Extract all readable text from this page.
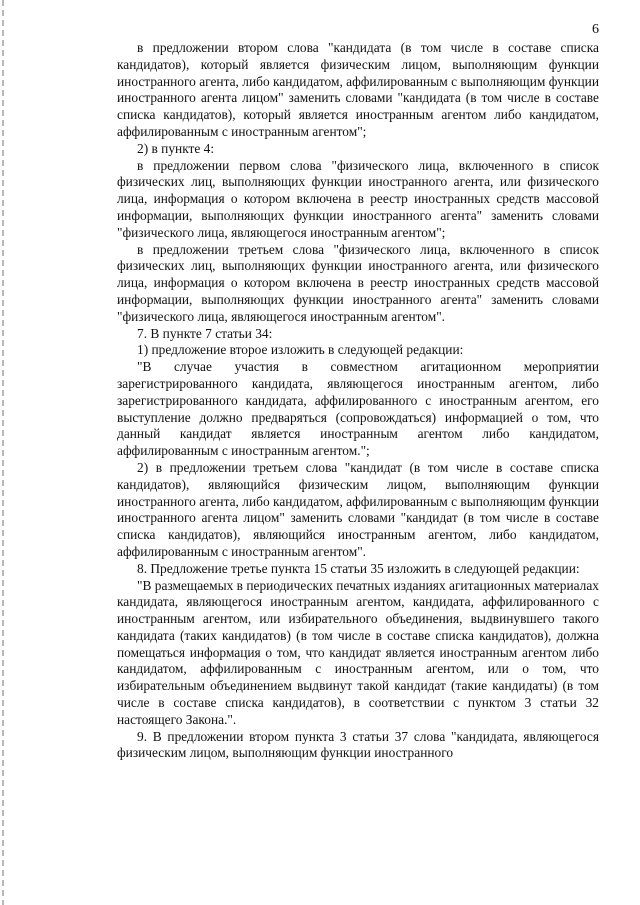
6

в предложении втором слова "кандидата (в том числе в составе списка кандидатов), который является физическим лицом, выполняющим функции иностранного агента, либо кандидатом, аффилированным с выполняющим функции иностранного агента лицом" заменить словами "кандидата (в том числе в составе списка кандидатов), который является иностранным агентом либо кандидатом, аффилированным с иностранным агентом";

2) в пункте 4:

в предложении первом слова "физического лица, включенного в список физических лиц, выполняющих функции иностранного агента, или физического лица, информация о котором включена в реестр иностранных средств массовой информации, выполняющих функции иностранного агента" заменить словами "физического лица, являющегося иностранным агентом";

в предложении третьем слова "физического лица, включенного в список физических лиц, выполняющих функции иностранного агента, или физического лица, информация о котором включена в реестр иностранных средств массовой информации, выполняющих функции иностранного агента" заменить словами "физического лица, являющегося иностранным агентом".

7. В пункте 7 статьи 34:

1) предложение второе изложить в следующей редакции:

"В случае участия в совместном агитационном мероприятии зарегистрированного кандидата, являющегося иностранным агентом, либо зарегистрированного кандидата, аффилированного с иностранным агентом, его выступление должно предваряться (сопровождаться) информацией о том, что данный кандидат является иностранным агентом либо кандидатом, аффилированным с иностранным агентом.";

2) в предложении третьем слова "кандидат (в том числе в составе списка кандидатов), являющийся физическим лицом, выполняющим функции иностранного агента, либо кандидатом, аффилированным с выполняющим функции иностранного агента лицом" заменить словами "кандидат (в том числе в составе списка кандидатов), являющийся иностранным агентом, либо кандидатом, аффилированным с иностранным агентом".

8. Предложение третье пункта 15 статьи 35 изложить в следующей редакции:

"В размещаемых в периодических печатных изданиях агитационных материалах кандидата, являющегося иностранным агентом, кандидата, аффилированного с иностранным агентом, или избирательного объединения, выдвинувшего такого кандидата (таких кандидатов) (в том числе в составе списка кандидатов), должна помещаться информация о том, что кандидат является иностранным агентом либо кандидатом, аффилированным с иностранным агентом, или о том, что избирательным объединением выдвинут такой кандидат (такие кандидаты) (в том числе в составе списка кандидатов), в соответствии с пунктом 3 статьи 32 настоящего Закона.".

9. В предложении втором пункта 3 статьи 37 слова "кандидата, являющегося физическим лицом, выполняющим функции иностранного
